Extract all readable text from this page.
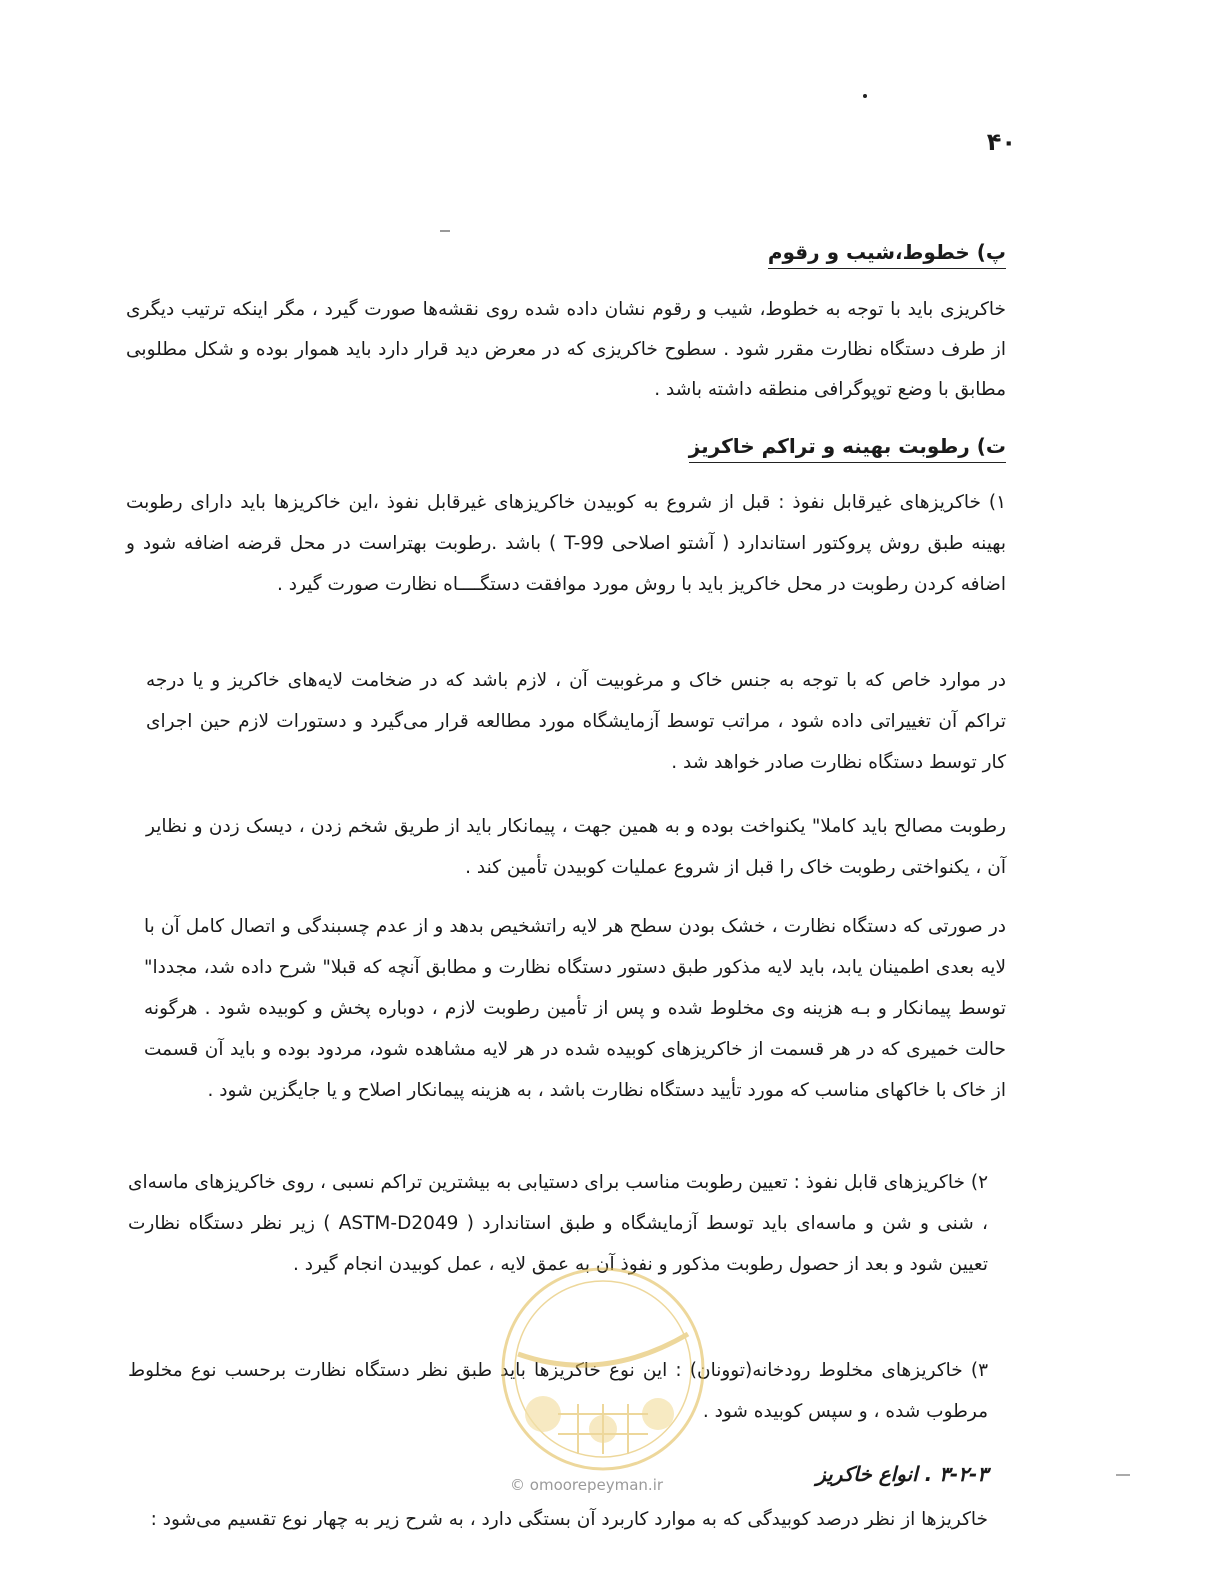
۴۰
پ) خطوط،شیب و رقوم
خاکریزی باید با توجه به خطوط، شیب و رقوم نشان داده شده روی نقشه‌ها صورت گیرد ، مگر اینکه ترتیب دیگری از طرف دستگاه نظارت مقرر شود . سطوح خاکریزی که در معرض دید قرار دارد باید هموار بوده و شکل مطلوبی مطابق با وضع توپوگرافی منطقه داشته باشد .
ت) رطوبت بهینه و تراکم خاکریز
۱) خاکریزهای غیرقابل نفوذ : قبل از شروع به کوبیدن خاکریزهای غیرقابل نفوذ ،این خاکریزها باید دارای رطوبت بهینه طبق روش پروکتور استاندارد ( آشتو اصلاحی T-99 ) باشد .رطوبت بهتراست در محل قرضه اضافه شود و اضافه کردن رطوبت در محل خاکریز باید با روش مورد موافقت دستگــــاه نظارت صورت گیرد .
در موارد خاص که با توجه به جنس خاک و مرغوبیت آن ، لازم باشد که در ضخامت لایه‌های خاکریز و یا درجه تراکم آن تغییراتی داده شود ، مراتب توسط آزمایشگاه مورد مطالعه قرار می‌گیرد و دستورات لازم حین اجرای کار توسط دستگاه نظارت صادر خواهد شد .
رطوبت مصالح باید کاملا" یکنواخت بوده و به همین جهت ، پیمانکار باید از طریق شخم زدن ، دیسک زدن و نظایر آن ، یکنواختی رطوبت خاک را قبل از شروع عملیات کوبیدن تأمین کند .
در صورتی که دستگاه نظارت ، خشک بودن سطح هر لایه راتشخیص بدهد و از عدم چسبندگی و اتصال کامل آن با لایه بعدی اطمینان یابد، باید لایه مذکور طبق دستور دستگاه نظارت و مطابق آنچه که قبلا" شرح داده شد، مجددا" توسط پیمانکار و بـه هزینه وی مخلوط شده و پس از تأمین رطوبت لازم ، دوباره پخش و کوبیده شود . هرگونه حالت خمیری که در هر قسمت از خاکریزهای کوبیده شده در هر لایه مشاهده شود، مردود بوده و باید آن قسمت از خاک با خاکهای مناسب که مورد تأیید دستگاه نظارت باشد ، به هزینه پیمانکار اصلاح و یا جایگزین شود .
۲) خاکریزهای قابل نفوذ : تعیین رطوبت مناسب برای دستیابی به بیشترین تراکم نسبی ، روی خاکریزهای ماسه‌ای ، شنی و شن و ماسه‌ای باید توسط آزمایشگاه و طبق استاندارد ( ASTM-D2049 ) زیر نظر دستگاه نظارت تعیین شود و بعد از حصول رطوبت مذکور و نفوذ آن به عمق لایه ، عمل کوبیدن انجام گیرد .
۳) خاکریزهای مخلوط رودخانه(توونان) : این نوع خاکریزها باید طبق نظر دستگاه نظارت برحسب نوع مخلوط مرطوب شده ، و سپس کوبیده شود .
۳-۲-۳ . انواع خاکریز
خاکریزها از نظر درصد کوبیدگی که به موارد کاربرد آن بستگی دارد ، به شرح زیر به چهار نوع تقسیم می‌شود :
© omoorepeyman.ir
